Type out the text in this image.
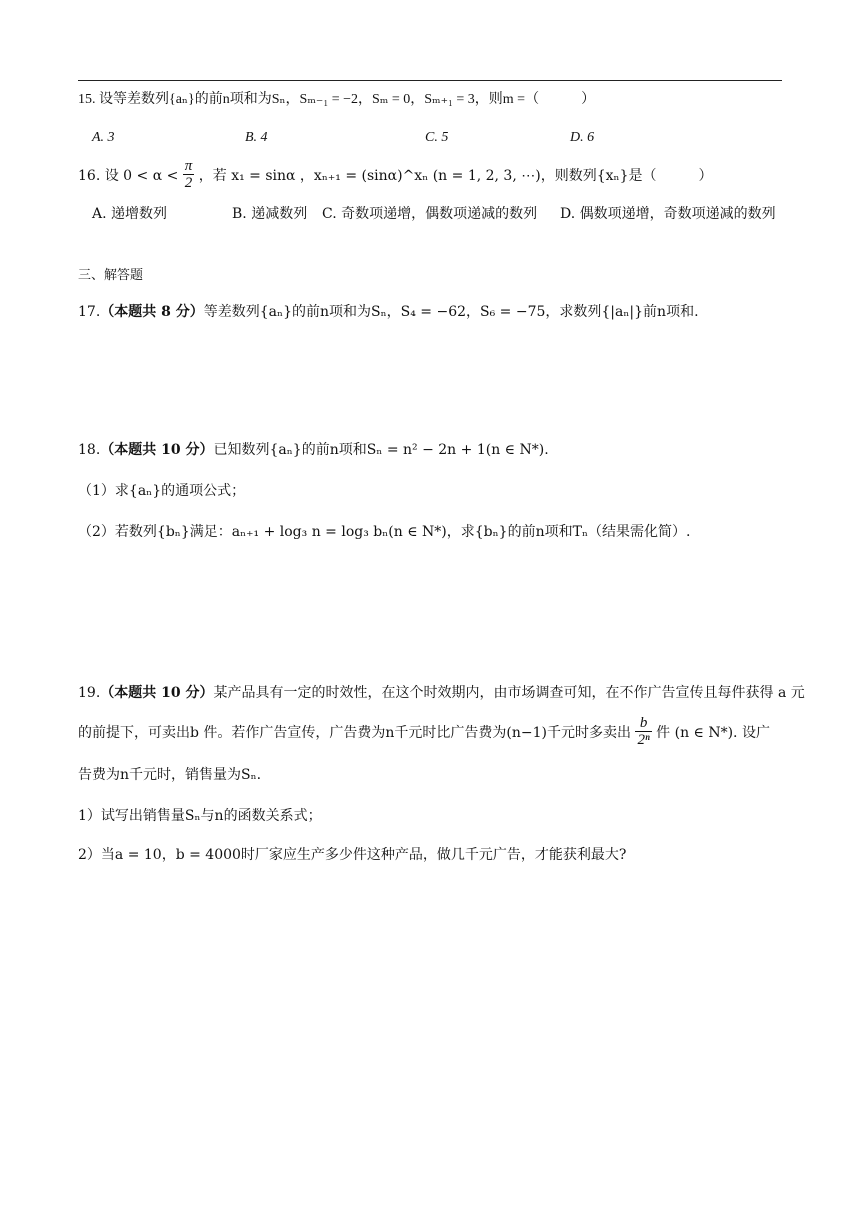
15. 设等差数列{aₙ}的前n项和为Sₙ，Sₘ₋₁ = −2，Sₘ = 0，Sₘ₊₁ = 3，则m =（　　　）
A. 3	B. 4	C. 5	D. 6
16. 设 $0 < \alpha < \frac{\pi}{2}$ ，若 x₁ = sinα ，xₙ₊₁ = (sinα)^xₙ (n = 1, 2, 3, ⋯)，则数列{xₙ}是（　　　）
A. 递增数列	B. 递减数列 C. 奇数项递增，偶数项递减的数列 D. 偶数项递增，奇数项递减的数列
三、解答题
17.（本题共 8 分）等差数列{aₙ}的前n项和为Sₙ，S₄ = −62，S₆ = −75，求数列{|aₙ|}前n项和.
18.（本题共 10 分）已知数列{aₙ}的前n项和Sₙ = n² − 2n + 1(n ∈ N*).
（1）求{aₙ}的通项公式；
（2）若数列{bₙ}满足：aₙ₊₁ + log₃ n = log₃ bₙ(n ∈ N*)，求{bₙ}的前n项和Tₙ（结果需化简）.
19.（本题共 10 分）某产品具有一定的时效性，在这个时效期内，由市场调查可知，在不作广告宣传且每件获得 a 元
的前提下，可卖出b 件。若作广告宣传，广告费为n千元时比广告费为(n−1)千元时多卖出 $\frac{b}{\text{2ⁿ}}$ 件 (n ∈ N*). 设广
告费为n千元时，销售量为Sₙ.
1）试写出销售量Sₙ与n的函数关系式；
2）当a = 10，b = 4000时厂家应生产多少件这种产品，做几千元广告，才能获利最大?
